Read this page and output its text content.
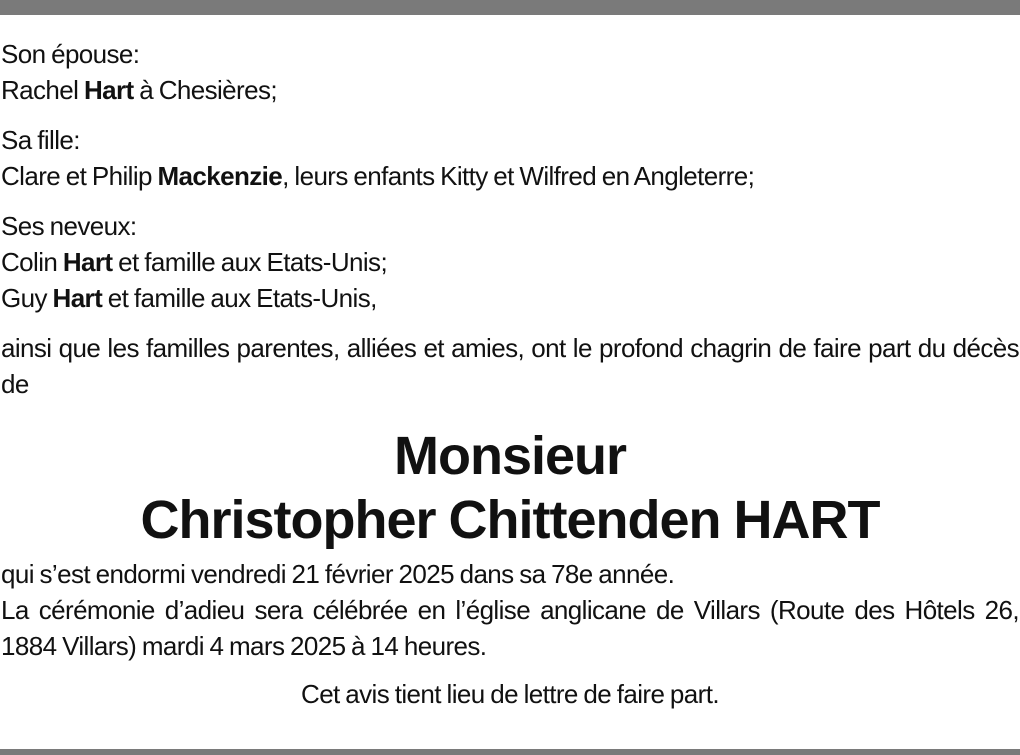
Son épouse:
Rachel Hart à Chesières;
Sa fille:
Clare et Philip Mackenzie, leurs enfants Kitty et Wilfred en Angleterre;
Ses neveux:
Colin Hart et famille aux Etats-Unis;
Guy Hart et famille aux Etats-Unis,
ainsi que les familles parentes, alliées et amies, ont le profond chagrin de faire part du décès de
Monsieur
Christopher Chittenden HART
qui s’est endormi vendredi 21 février 2025 dans sa 78e année.
La cérémonie d’adieu sera célébrée en l’église anglicane de Villars (Route des Hôtels 26, 1884 Villars) mardi 4 mars 2025 à 14 heures.
Cet avis tient lieu de lettre de faire part.
